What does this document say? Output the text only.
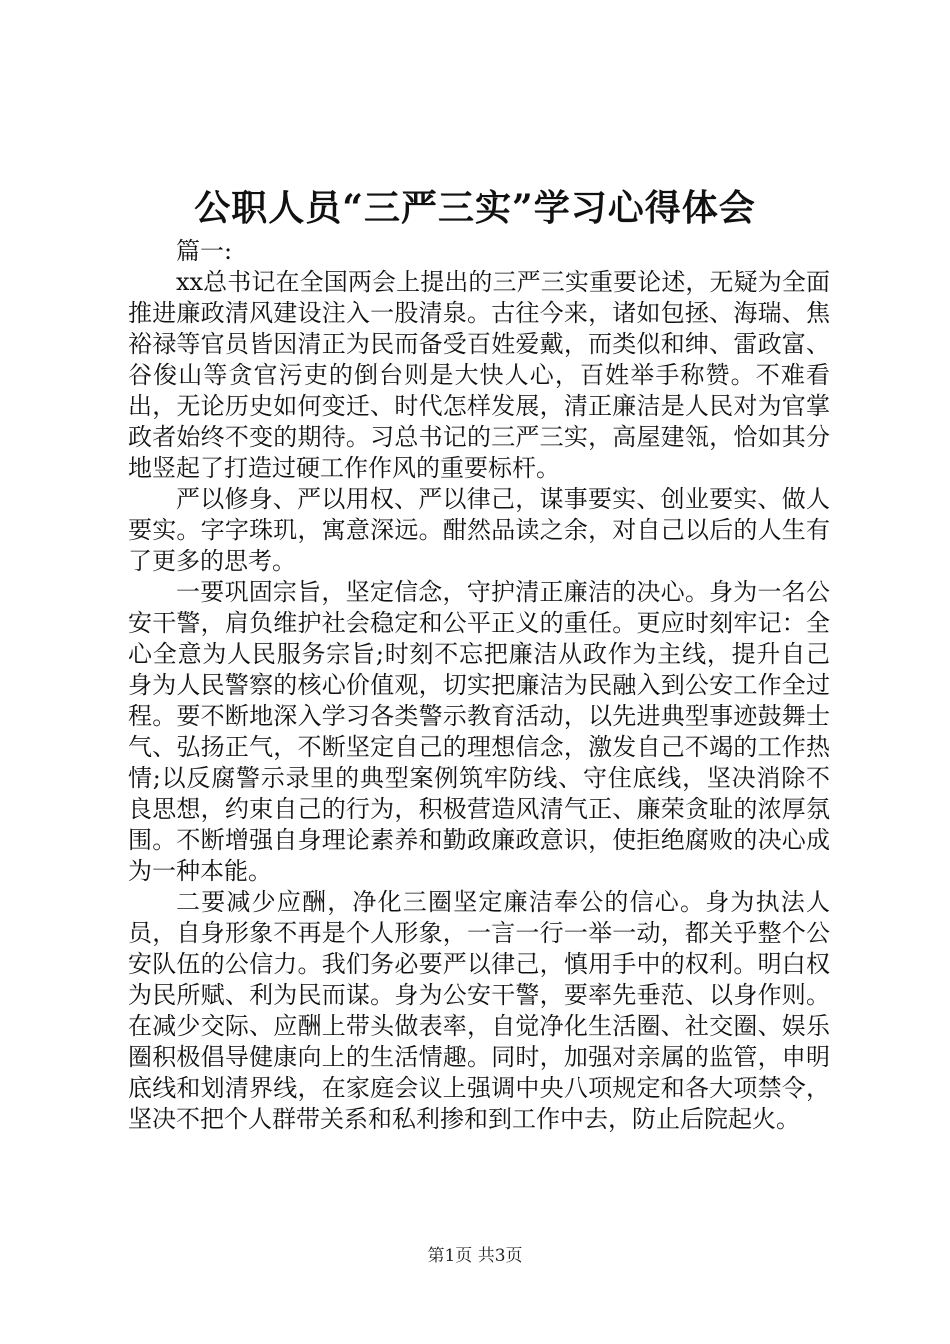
公职人员“三严三实”学习心得体会

篇一:

xx总书记在全国两会上提出的三严三实重要论述，无疑为全面推进廉政清风建设注入一股清泉。古往今来，诸如包拯、海瑞、焦裕禄等官员皆因清正为民而备受百姓爱戴，而类似和绅、雷政富、谷俊山等贪官污吏的倒台则是大快人心，百姓举手称赞。不难看出，无论历史如何变迁、时代怎样发展，清正廉洁是人民对为官掌政者始终不变的期待。习总书记的三严三实，高屋建瓴，恰如其分地竖起了打造过硬工作作风的重要标杆。

严以修身、严以用权、严以律己，谋事要实、创业要实、做人要实。字字珠玑，寓意深远。酣然品读之余，对自己以后的人生有了更多的思考。

一要巩固宗旨，坚定信念，守护清正廉洁的决心。身为一名公安干警，肩负维护社会稳定和公平正义的重任。更应时刻牢记：全心全意为人民服务宗旨;时刻不忘把廉洁从政作为主线，提升自己身为人民警察的核心价值观，切实把廉洁为民融入到公安工作全过程。要不断地深入学习各类警示教育活动，以先进典型事迹鼓舞士气、弘扬正气，不断坚定自己的理想信念，激发自己不竭的工作热情;以反腐警示录里的典型案例筑牢防线、守住底线，坚决消除不良思想，约束自己的行为，积极营造风清气正、廉荣贪耻的浓厚氛围。不断增强自身理论素养和勤政廉政意识，使拒绝腐败的决心成为一种本能。

二要减少应酬，净化三圈坚定廉洁奉公的信心。身为执法人员，自身形象不再是个人形象，一言一行一举一动，都关乎整个公安队伍的公信力。我们务必要严以律己，慎用手中的权利。明白权为民所赋、利为民而谋。身为公安干警，要率先垂范、以身作则。在减少交际、应酬上带头做表率，自觉净化生活圈、社交圈、娱乐圈积极倡导健康向上的生活情趣。同时，加强对亲属的监管，申明底线和划清界线，在家庭会议上强调中央八项规定和各大项禁令，坚决不把个人群带关系和私利掺和到工作中去，防止后院起火。

第1页 共3页
